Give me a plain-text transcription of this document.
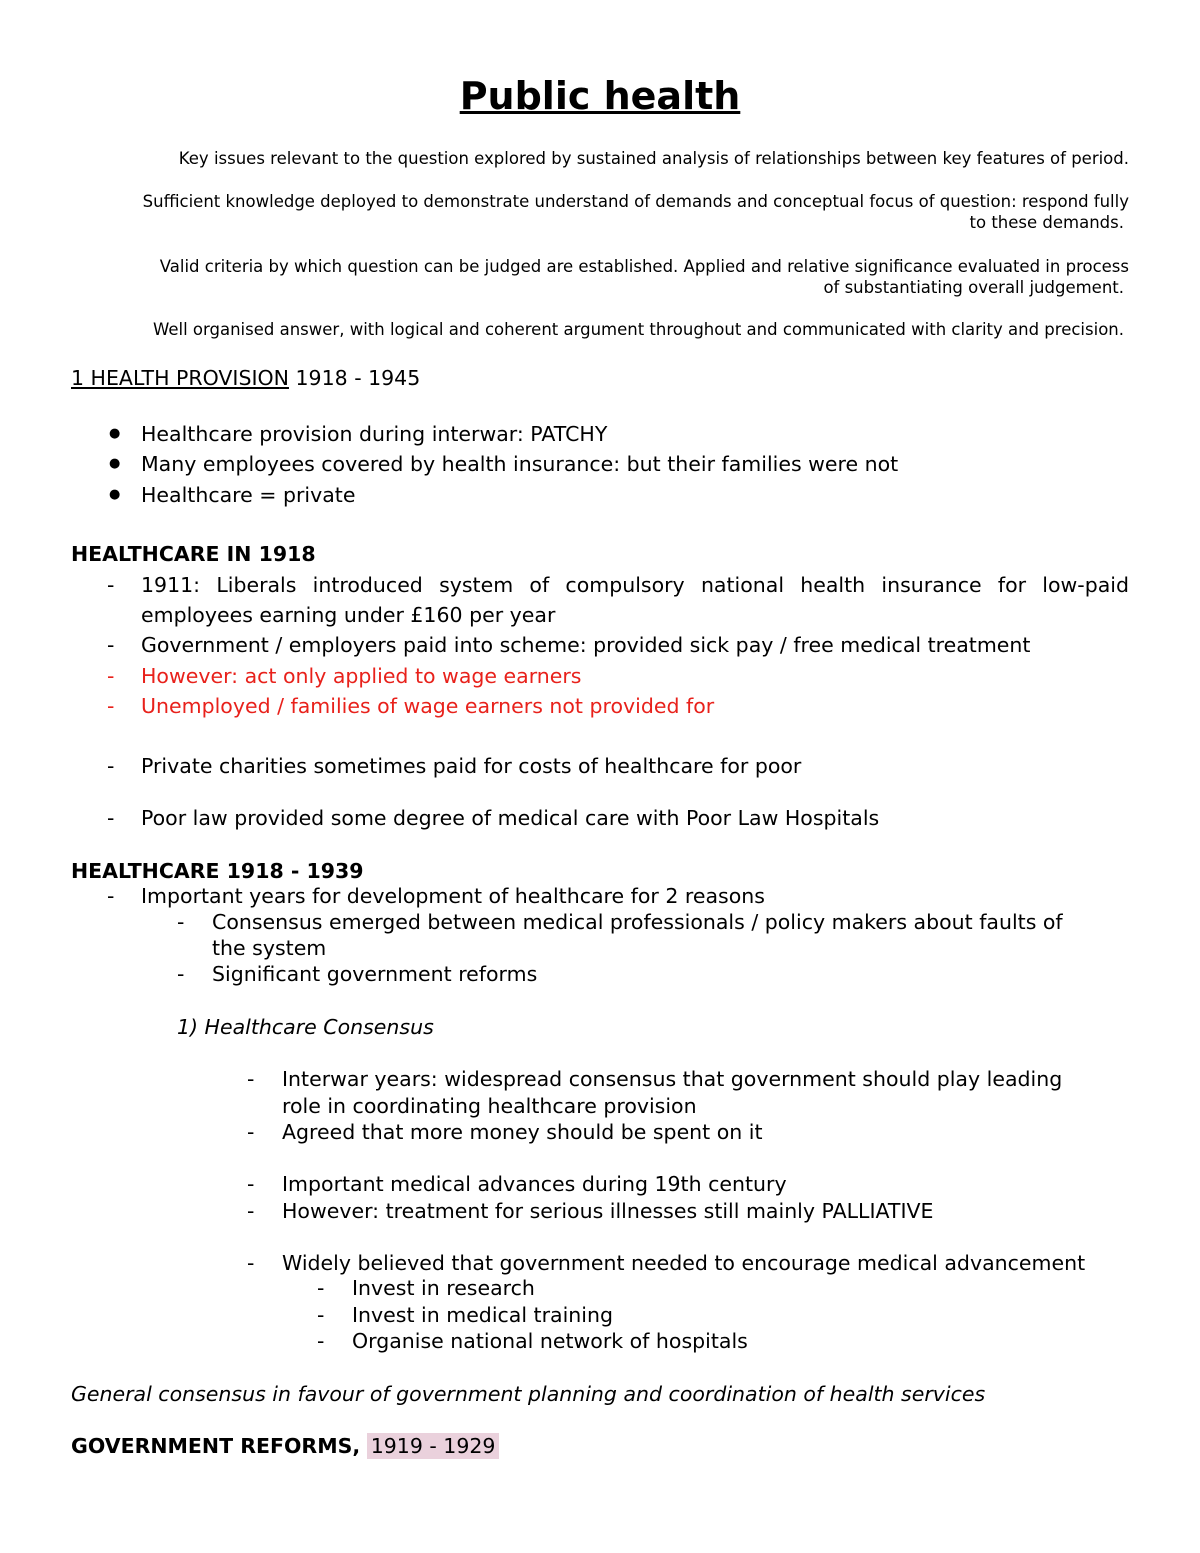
Public health
Key issues relevant to the question explored by sustained analysis of relationships between key features of period.
Sufficient knowledge deployed to demonstrate understand of demands and conceptual focus of question: respond fully
to these demands.
Valid criteria by which question can be judged are established. Applied and relative significance evaluated in process
of substantiating overall judgement.
Well organised answer, with logical and coherent argument throughout and communicated with clarity and precision.
1 HEALTH PROVISION 1918 - 1945
● Healthcare provision during interwar: PATCHY
● Many employees covered by health insurance: but their families were not
● Healthcare = private
HEALTHCARE IN 1918
- 1911: Liberals introduced system of compulsory national health insurance for low-paid
employees earning under £160 per year
- Government / employers paid into scheme: provided sick pay / free medical treatment
- However: act only applied to wage earners
- Unemployed / families of wage earners not provided for
- Private charities sometimes paid for costs of healthcare for poor
- Poor law provided some degree of medical care with Poor Law Hospitals
HEALTHCARE 1918 - 1939
- Important years for development of healthcare for 2 reasons
- Consensus emerged between medical professionals / policy makers about faults of
the system
- Significant government reforms
1) Healthcare Consensus
- Interwar years: widespread consensus that government should play leading
role in coordinating healthcare provision
- Agreed that more money should be spent on it
- Important medical advances during 19th century
- However: treatment for serious illnesses still mainly PALLIATIVE
- Widely believed that government needed to encourage medical advancement
- Invest in research
- Invest in medical training
- Organise national network of hospitals
General consensus in favour of government planning and coordination of health services
GOVERNMENT REFORMS, 1919 - 1929
